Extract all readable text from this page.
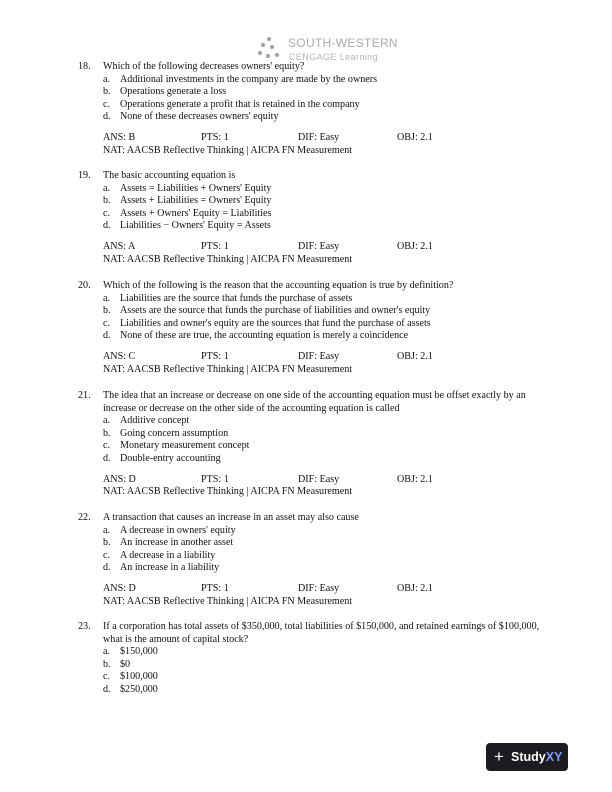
SOUTH-WESTERN
CENGAGE Learning
18. Which of the following decreases owners' equity?
a. Additional investments in the company are made by the owners
b. Operations generate a loss
c. Operations generate a profit that is retained in the company
d. None of these decreases owners' equity
ANS: B	PTS: 1	DIF: Easy	OBJ: 2.1
NAT: AACSB Reflective Thinking | AICPA FN Measurement
19. The basic accounting equation is
a. Assets = Liabilities + Owners' Equity
b. Assets + Liabilities = Owners' Equity
c. Assets + Owners' Equity = Liabilities
d. Liabilities − Owners' Equity = Assets
ANS: A	PTS: 1	DIF: Easy	OBJ: 2.1
NAT: AACSB Reflective Thinking | AICPA FN Measurement
20. Which of the following is the reason that the accounting equation is true by definition?
a. Liabilities are the source that funds the purchase of assets
b. Assets are the source that funds the purchase of liabilities and owner's equity
c. Liabilities and owner's equity are the sources that fund the purchase of assets
d. None of these are true, the accounting equation is merely a coincidence
ANS: C	PTS: 1	DIF: Easy	OBJ: 2.1
NAT: AACSB Reflective Thinking | AICPA FN Measurement
21. The idea that an increase or decrease on one side of the accounting equation must be offset exactly by an increase or decrease on the other side of the accounting equation is called
a. Additive concept
b. Going concern assumption
c. Monetary measurement concept
d. Double-entry accounting
ANS: D	PTS: 1	DIF: Easy	OBJ: 2.1
NAT: AACSB Reflective Thinking | AICPA FN Measurement
22. A transaction that causes an increase in an asset may also cause
a. A decrease in owners' equity
b. An increase in another asset
c. A decrease in a liability
d. An increase in a liability
ANS: D	PTS: 1	DIF: Easy	OBJ: 2.1
NAT: AACSB Reflective Thinking | AICPA FN Measurement
23. If a corporation has total assets of $350,000, total liabilities of $150,000, and retained earnings of $100,000, what is the amount of capital stock?
a. $150,000
b. $0
c. $100,000
d. $250,000
+ StudyXY
